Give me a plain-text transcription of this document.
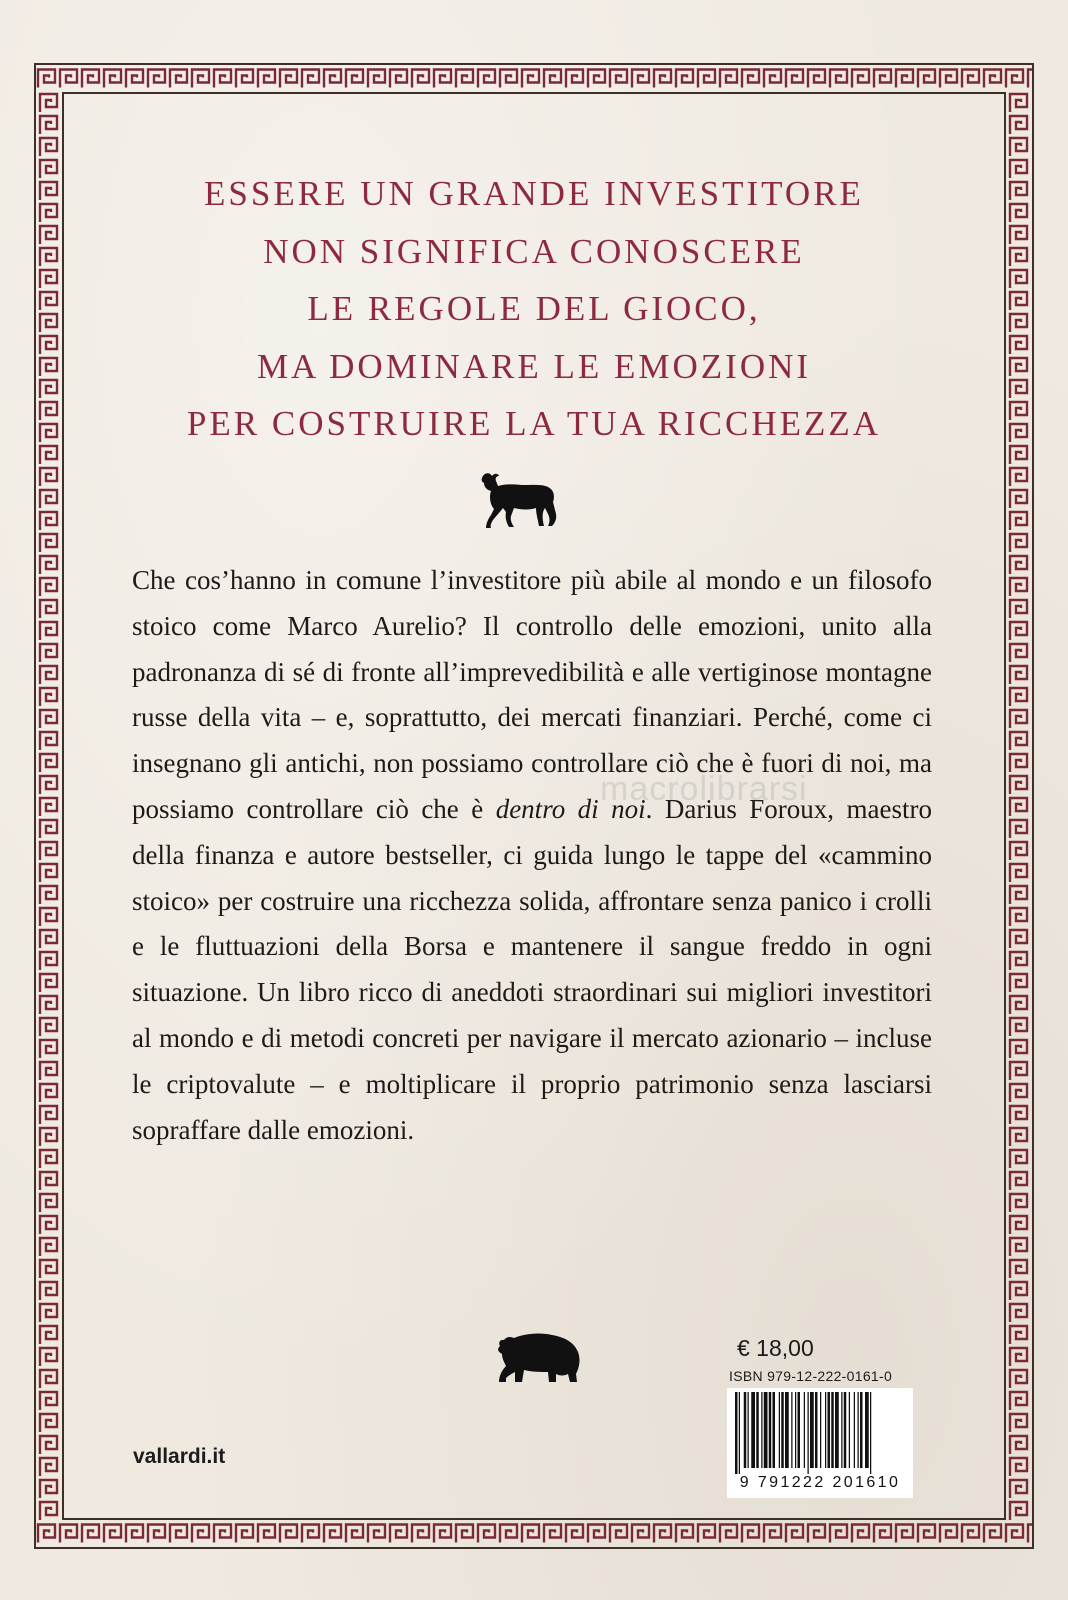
ESSERE UN GRANDE INVESTITORE
NON SIGNIFICA CONOSCERE
LE REGOLE DEL GIOCO,
MA DOMINARE LE EMOZIONI
PER COSTRUIRE LA TUA RICCHEZZA
Che cos’hanno in comune l’investitore più abile al mondo e un filosofo stoico come Marco Aurelio? Il controllo delle emozioni, unito alla padronanza di sé di fronte all’imprevedibilità e alle vertiginose montagne russe della vita – e, soprattutto, dei mercati finanziari. Perché, come ci insegnano gli antichi, non possiamo controllare ciò che è fuori di noi, ma possiamo controllare ciò che è dentro di noi. Darius Foroux, maestro della finanza e autore bestseller, ci guida lungo le tappe del «cammino stoico» per costruire una ricchezza solida, affrontare senza panico i crolli e le fluttuazioni della Borsa e mantenere il sangue freddo in ogni situazione. Un libro ricco di aneddoti straordinari sui migliori investitori al mondo e di metodi concreti per navigare il mercato azionario – incluse le criptovalute – e moltiplicare il proprio patrimonio senza lasciarsi sopraffare dalle emozioni.
macrolibrarsi
vallardi.it
€ 18,00
ISBN 979-12-222-0161-0
9 791222 201610
